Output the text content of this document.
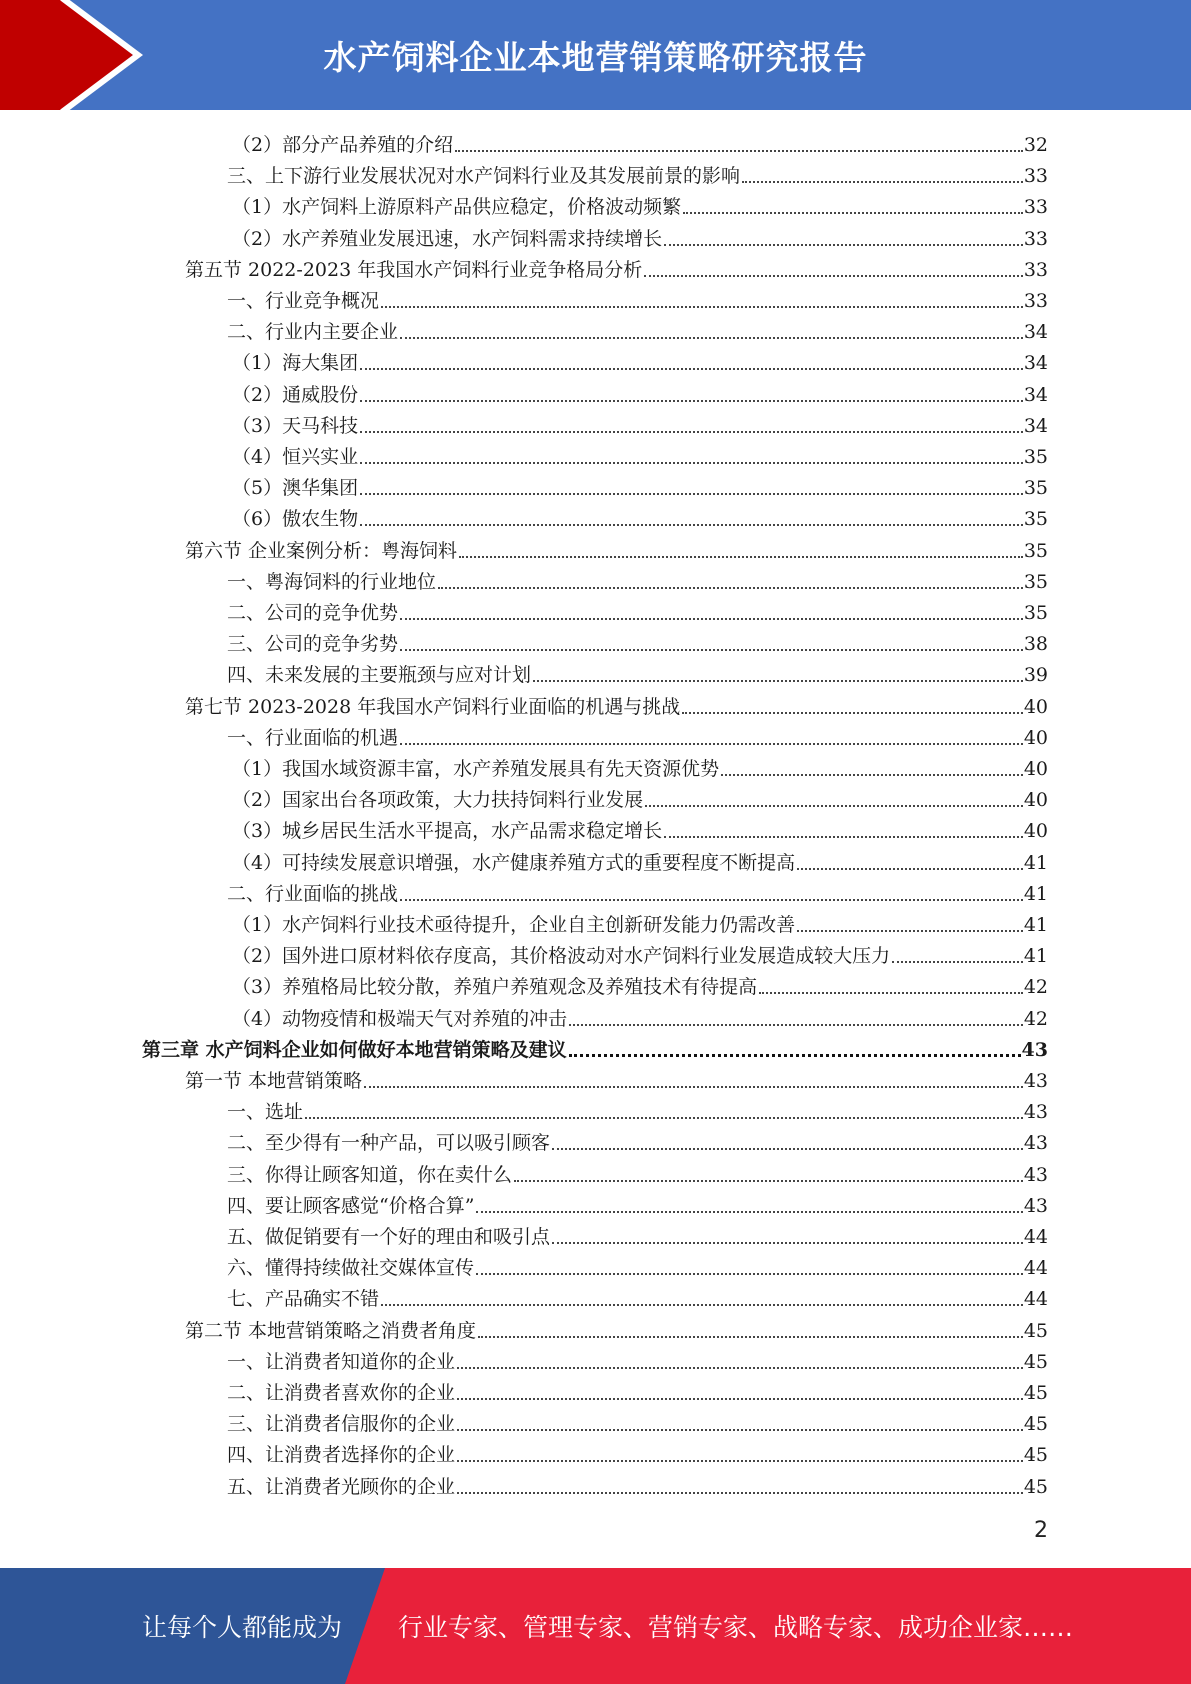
水产饲料企业本地营销策略研究报告
（2）部分产品养殖的介绍	32
三、上下游行业发展状况对水产饲料行业及其发展前景的影响	33
（1）水产饲料上游原料产品供应稳定，价格波动频繁	33
（2）水产养殖业发展迅速，水产饲料需求持续增长	33
第五节 2022-2023 年我国水产饲料行业竞争格局分析	33
一、行业竞争概况	33
二、行业内主要企业	34
（1）海大集团	34
（2）通威股份	34
（3）天马科技	34
（4）恒兴实业	35
（5）澳华集团	35
（6）傲农生物	35
第六节 企业案例分析：粤海饲料	35
一、粤海饲料的行业地位	35
二、公司的竞争优势	35
三、公司的竞争劣势	38
四、未来发展的主要瓶颈与应对计划	39
第七节 2023-2028 年我国水产饲料行业面临的机遇与挑战	40
一、行业面临的机遇	40
（1）我国水域资源丰富，水产养殖发展具有先天资源优势	40
（2）国家出台各项政策，大力扶持饲料行业发展	40
（3）城乡居民生活水平提高，水产品需求稳定增长	40
（4）可持续发展意识增强，水产健康养殖方式的重要程度不断提高	41
二、行业面临的挑战	41
（1）水产饲料行业技术亟待提升，企业自主创新研发能力仍需改善	41
（2）国外进口原材料依存度高，其价格波动对水产饲料行业发展造成较大压力	41
（3）养殖格局比较分散，养殖户养殖观念及养殖技术有待提高	42
（4）动物疫情和极端天气对养殖的冲击	42
第三章 水产饲料企业如何做好本地营销策略及建议	43
第一节 本地营销策略	43
一、选址	43
二、至少得有一种产品，可以吸引顾客	43
三、你得让顾客知道，你在卖什么	43
四、要让顾客感觉“价格合算”	43
五、做促销要有一个好的理由和吸引点	44
六、懂得持续做社交媒体宣传	44
七、产品确实不错	44
第二节 本地营销策略之消费者角度	45
一、让消费者知道你的企业	45
二、让消费者喜欢你的企业	45
三、让消费者信服你的企业	45
四、让消费者选择你的企业	45
五、让消费者光顾你的企业	45
2
让每个人都能成为 行业专家、管理专家、营销专家、战略专家、成功企业家……
